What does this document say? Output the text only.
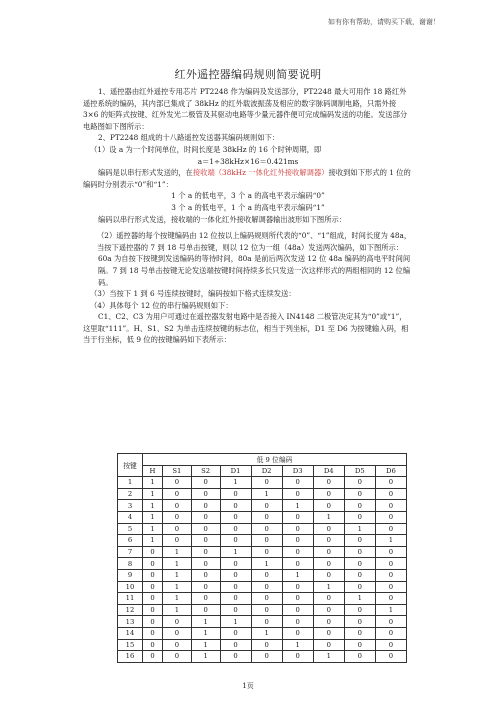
如有你有帮助，请购买下载，谢谢！
红外遥控器编码规则简要说明

1、遥控器由红外遥控专用芯片 PT2248 作为编码及发送部分，PT2248 最大可用作 18 路红外遥控系统的编码，其内部已集成了 38kHz 的红外载波振荡及相应的数字脉码调制电路，只需外接 3×6 的矩阵式按键、红外发光二极管及其驱动电路等少量元器件便可完成编码发送的功能。发送部分电路图如下图所示：

2、PT2248 组成的十八路遥控发送器其编码规则如下：

（1）设 a 为一个时间单位，时间长度是 38kHz 的 16 个时钟周期，即

a＝1÷38kHz×16＝0.421ms

编码是以串行形式发送的，在接收端（38kHz 一体化红外接收解调器）接收到如下形式的 1 位的编码时分别表示“0”和“1”：

1 个 a 的低电平，3 个 a 的高电平表示编码“0”

3 个 a 的低电平，1 个 a 的高电平表示编码“1”

编码以串行形式发送，接收端的一体化红外接收解调器输出波形如下图所示：

（2）遥控器的每个按键编码由 12 位按以上编码规则所代表的“0”、“1”组成，时间长度为 48a，当按下遥控器的 7 到 18 号单击按键，则以 12 位为一组（48a）发送两次编码，如下图所示：

60a 为自按下按键到发送编码的等待时间，80a 是前后两次发送 12 位 48a 编码的高电平时间间隔。7 到 18 号单击按键无论发送端按键时间持续多长只发送一次这样形式的两组相同的 12 位编码。

（3）当按下 1 到 6 号连续按键时，编码按如下格式连续发送：

（4）具体每个 12 位的串行编码规则如下：

C1、C2、C3 为用户可通过在遥控器发射电路中是否接入 IN4148 二极管决定其为“0”或“1”，这里取“111”。H、S1、S2 为单击连续按键的标志位，相当于列坐标，D1 至 D6 为按键输入码，相当于行坐标，低 9 位的按键编码如下表所示：

按键	低 9 位编码								
	H	S1	S2	D1	D2	D3	D4	D5	D6
1	1	0	0	1	0	0	0	0	0
2	1	0	0	0	1	0	0	0	0
3	1	0	0	0	0	1	0	0	0
4	1	0	0	0	0	0	1	0	0
5	1	0	0	0	0	0	0	1	0
6	1	0	0	0	0	0	0	0	1
7	0	1	0	1	0	0	0	0	0
8	0	1	0	0	1	0	0	0	0
9	0	1	0	0	0	1	0	0	0
10	0	1	0	0	0	0	1	0	0
11	0	1	0	0	0	0	0	1	0
12	0	1	0	0	0	0	0	0	1
13	0	0	1	1	0	0	0	0	0
14	0	0	1	0	1	0	0	0	0
15	0	0	1	0	0	1	0	0	0
16	0	0	1	0	0	0	1	0	0
1页
